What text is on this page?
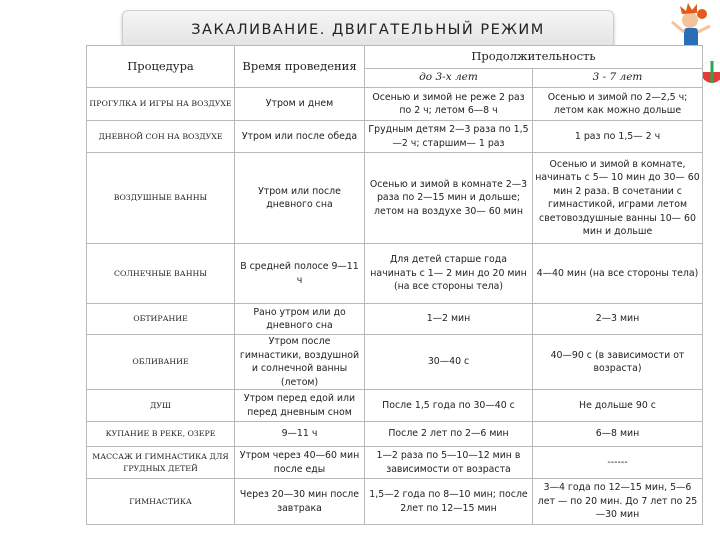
ЗАКАЛИВАНИЕ. ДВИГАТЕЛЬНЫЙ РЕЖИМ
Процедура	Время проведения	Продолжительность	
		до 3-х лет	3 - 7 лет
ПРОГУЛКА И ИГРЫ НА ВОЗДУХЕ	Утром и днем	Осенью и зимой не реже 2 раз по 2 ч; летом 6—8 ч	Осенью и зимой по 2—2,5 ч; летом как можно дольше
ДНЕВНОЙ СОН НА ВОЗДУХЕ	Утром или после обеда	Грудным детям 2—3 раза по 1,5—2 ч; старшим— 1 раз	1 раз по 1,5— 2 ч
ВОЗДУШНЫЕ ВАННЫ	Утром или после дневного сна	Осенью и зимой в комнате 2—3 раза по 2—15 мин и дольше; летом на воздухе 30— 60 мин	Осенью и зимой в комнате, начинать с 5— 10 мин до 30— 60 мин 2 раза. В сочетании с гимнастикой, играми летом световоздушные ванны 10— 60 мин и дольше
СОЛНЕЧНЫЕ ВАННЫ	В средней полосе 9—11 ч	Для детей старше года начинать с 1— 2 мин до 20 мин (на все стороны тела)	4—40 мин (на все стороны тела)
ОБТИРАНИЕ	Рано утром или до дневного сна	1—2 мин	2—3 мин
ОБЛИВАНИЕ	Утром после гимнастики, воздушной и солнечной ванны (летом)	30—40 с	40—90 с (в зависимости от возраста)
ДУШ	Утром перед едой или перед дневным сном	После 1,5 года по 30—40 с	Не дольше 90 с
КУПАНИЕ В РЕКЕ, ОЗЕРЕ	9—11 ч	После 2 лет по 2—6 мин	6—8 мин
МАССАЖ И ГИМНАСТИКА ДЛЯ ГРУДНЫХ ДЕТЕЙ	Утром через 40—60 мин после еды	1—2 раза по 5—10—12 мин в зависимости от возраста	------
ГИМНАСТИКА	Через 20—30 мин после завтрака	1,5—2 года по 8—10 мин; после 2лет по 12—15 мин	3—4 года по 12—15 мин, 5—6 лет — по 20 мин. До 7 лет по 25 —30 мин
